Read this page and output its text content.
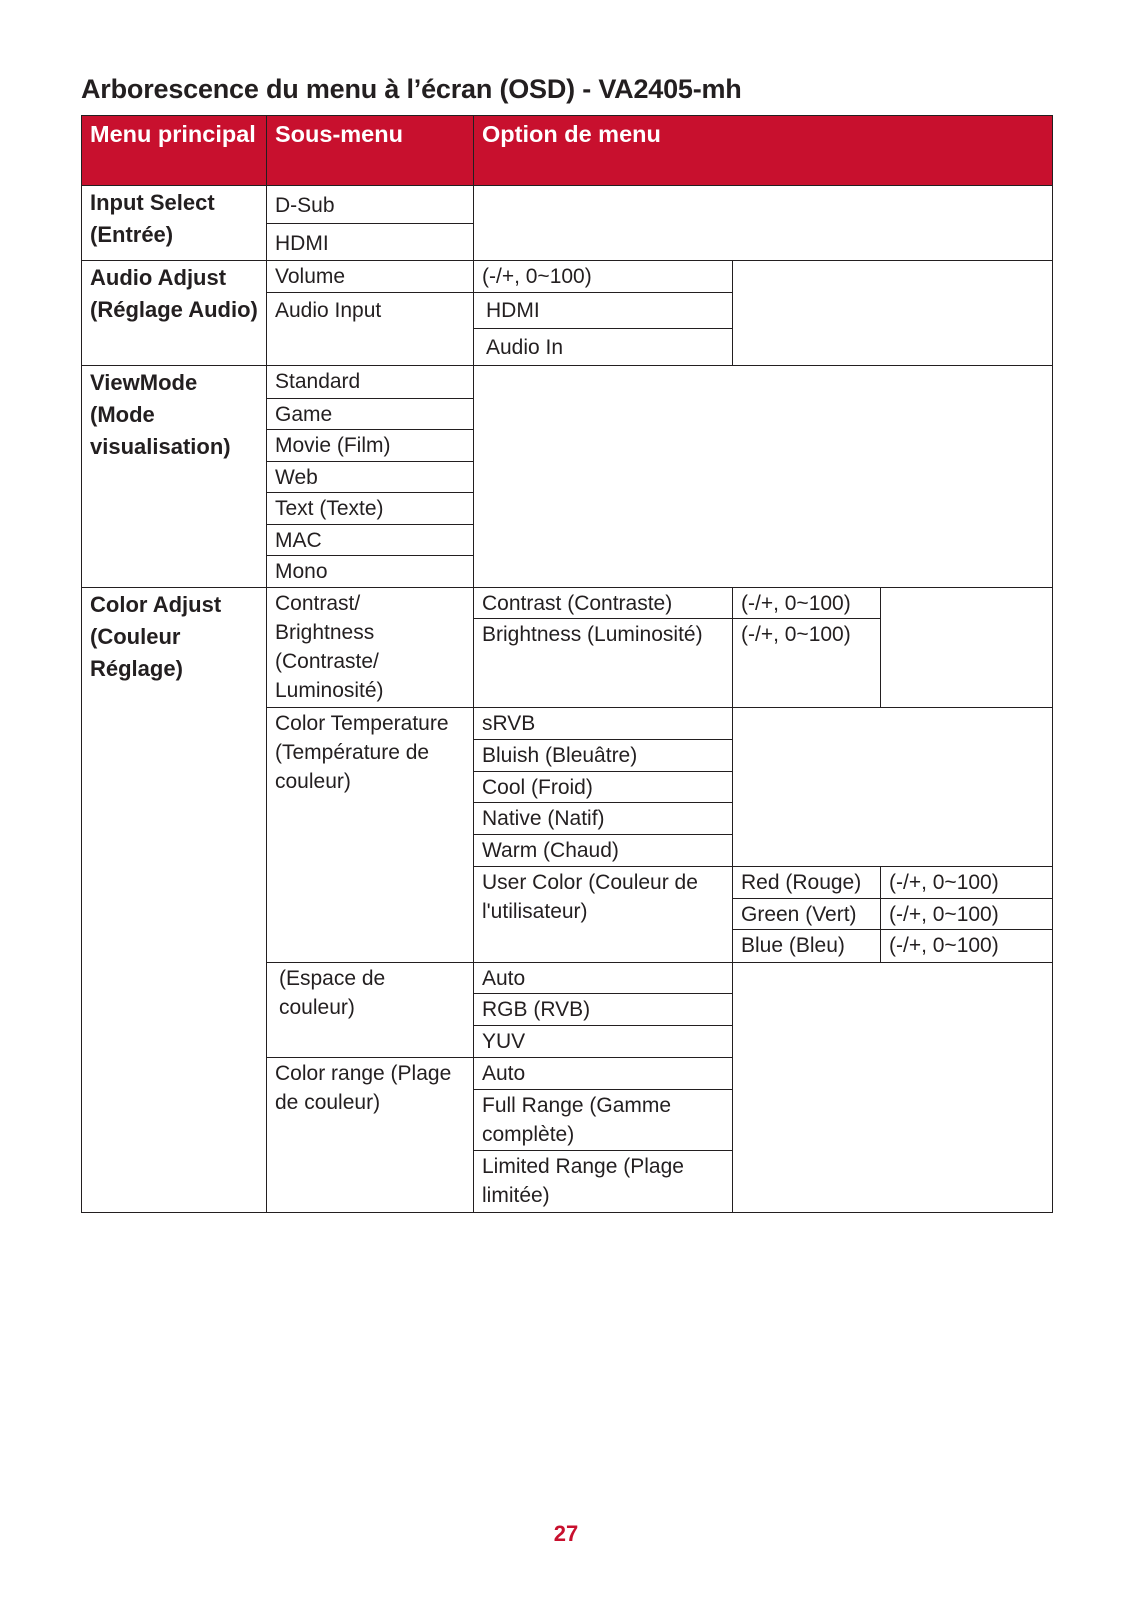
Arborescence du menu à l’écran (OSD) - VA2405-mh
Menu principal	Sous-menu	Option de menu		
Input Select (Entrée)	D-Sub			
	HDMI			
Audio Adjust (Réglage Audio)	Volume	(-/+, 0~100)		
	Audio Input	HDMI		
		Audio In		
ViewMode (Mode visualisation)	Standard			
	Game			
	Movie (Film)			
	Web			
	Text (Texte)			
	MAC			
	Mono			
Color Adjust (Couleur Réglage)	Contrast/ Brightness (Contraste/ Luminosité)	Contrast (Contraste)	(-/+, 0~100)	
		Brightness (Luminosité)	(-/+, 0~100)	
	Color Temperature (Température de couleur)	sRVB		
		Bluish (Bleuâtre)		
		Cool (Froid)		
		Native (Natif)		
		Warm (Chaud)		
		User Color (Couleur de l'utilisateur)	Red (Rouge)	(-/+, 0~100)
			Green (Vert)	(-/+, 0~100)
			Blue (Bleu)	(-/+, 0~100)
	(Espace de couleur)	Auto		
		RGB (RVB)		
		YUV		
	Color range (Plage de couleur)	Auto		
		Full Range (Gamme complète)		
		Limited Range (Plage limitée)		
27
